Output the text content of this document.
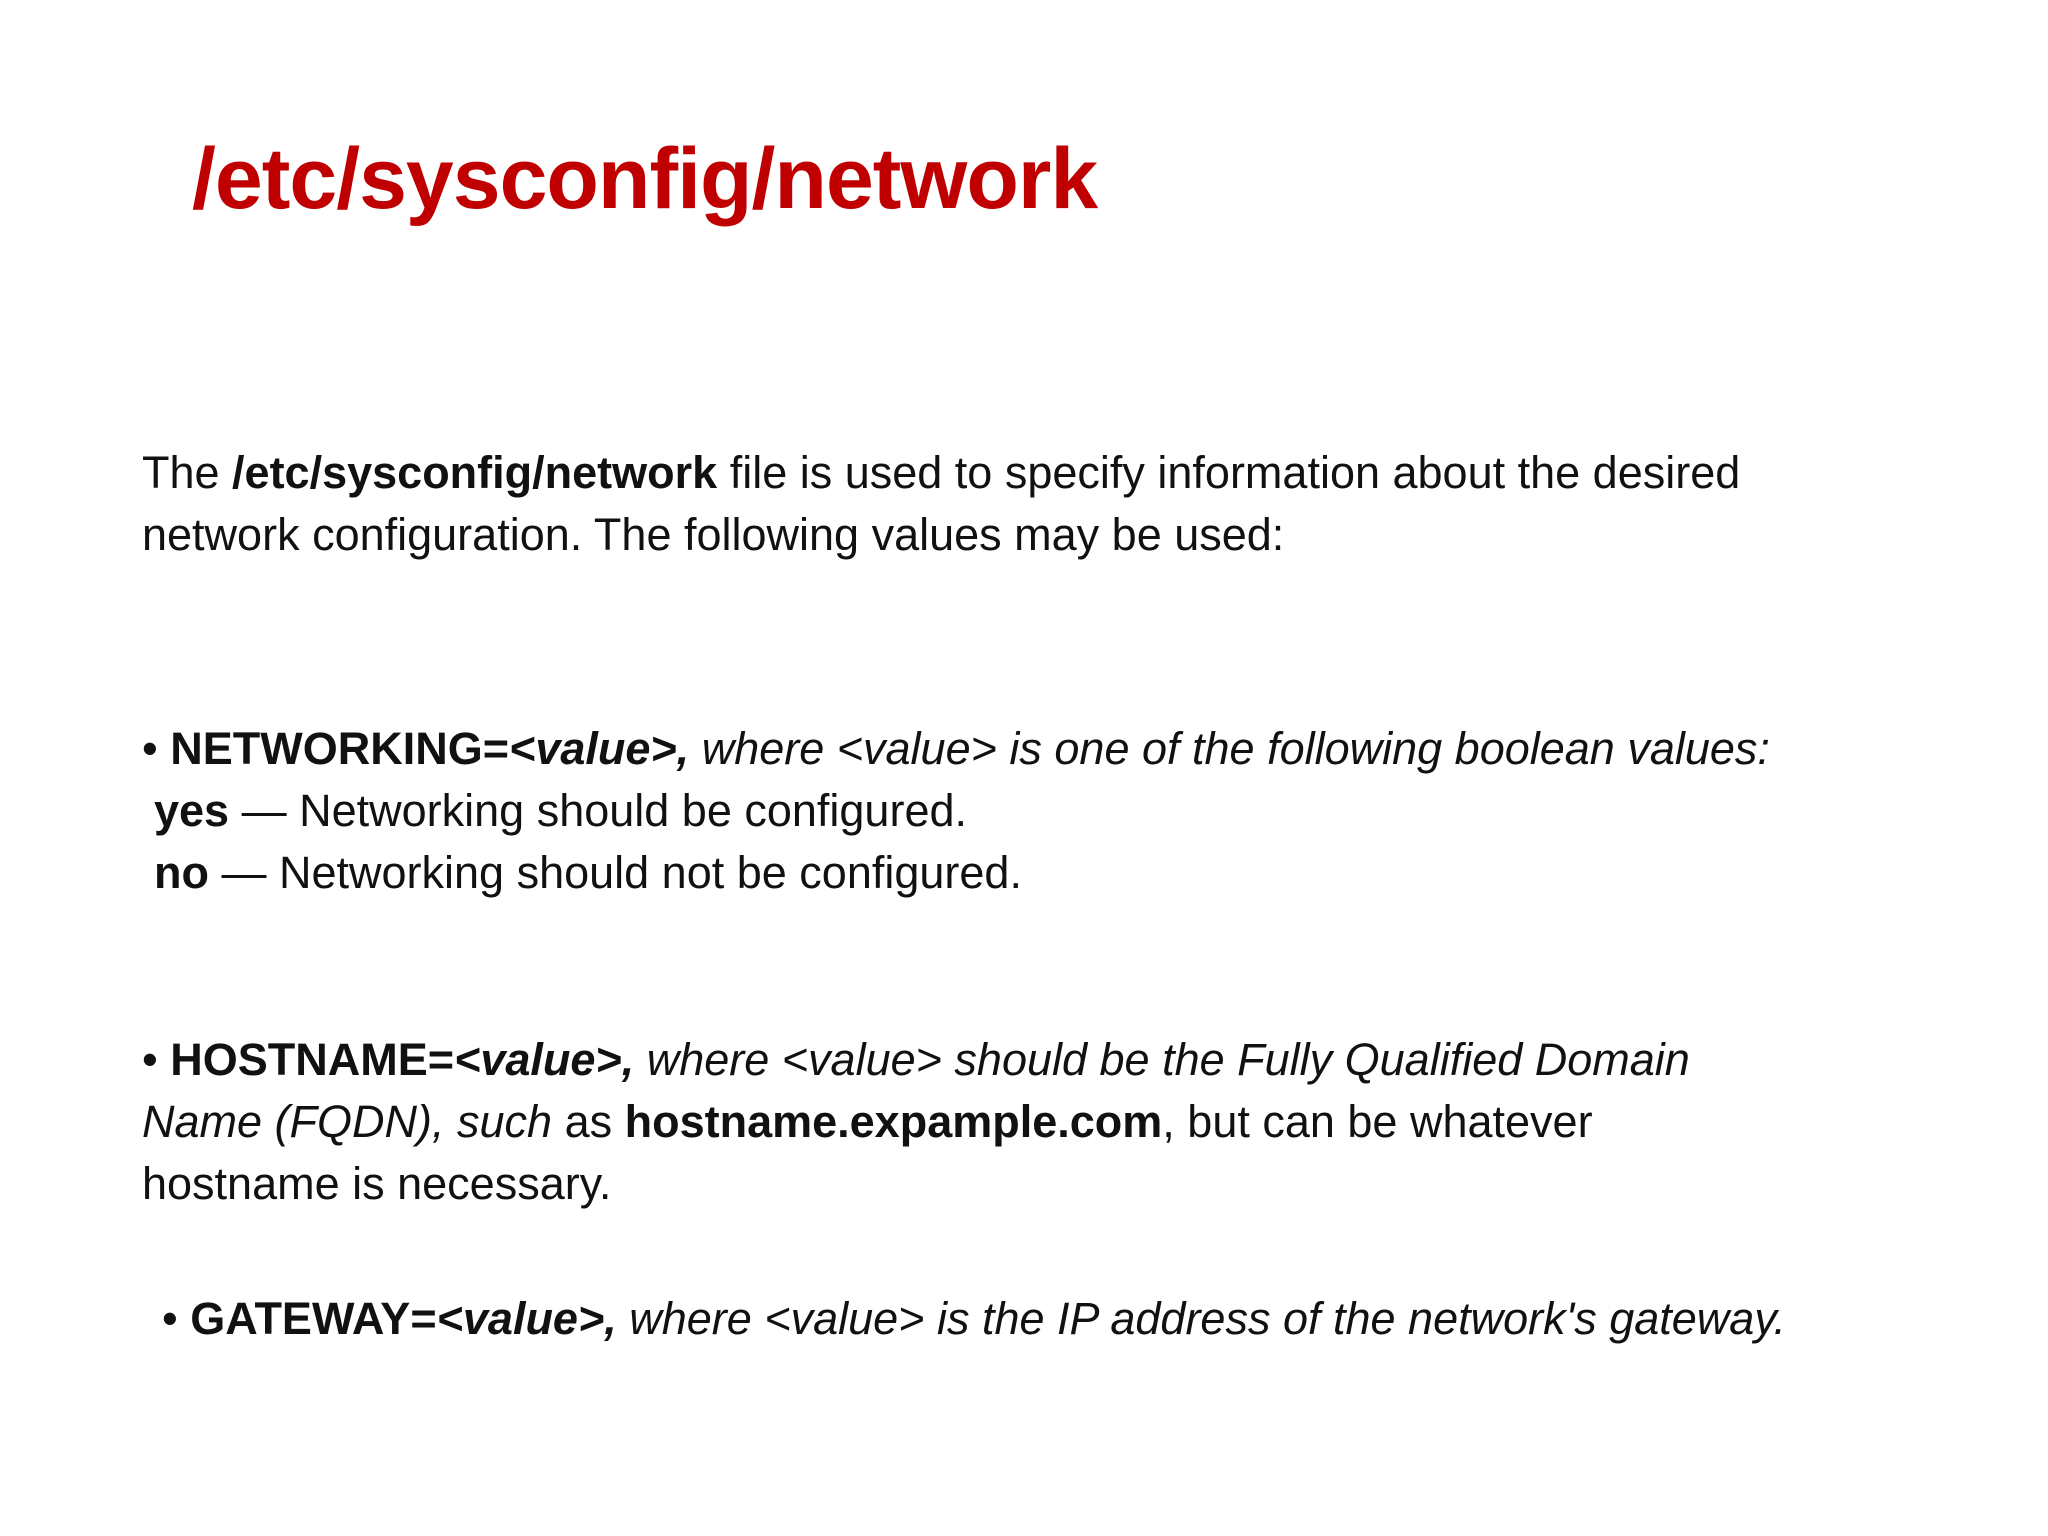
/etc/sysconfig/network
The /etc/sysconfig/network file is used to specify information about the desired
network configuration. The following values may be used:
• NETWORKING=<value>, where <value> is one of the following boolean values:
yes — Networking should be configured.
no — Networking should not be configured.
• HOSTNAME=<value>, where <value> should be the Fully Qualified Domain
Name (FQDN), such as hostname.expample.com, but can be whatever
hostname is necessary.
• GATEWAY=<value>, where <value> is the IP address of the network's gateway.
